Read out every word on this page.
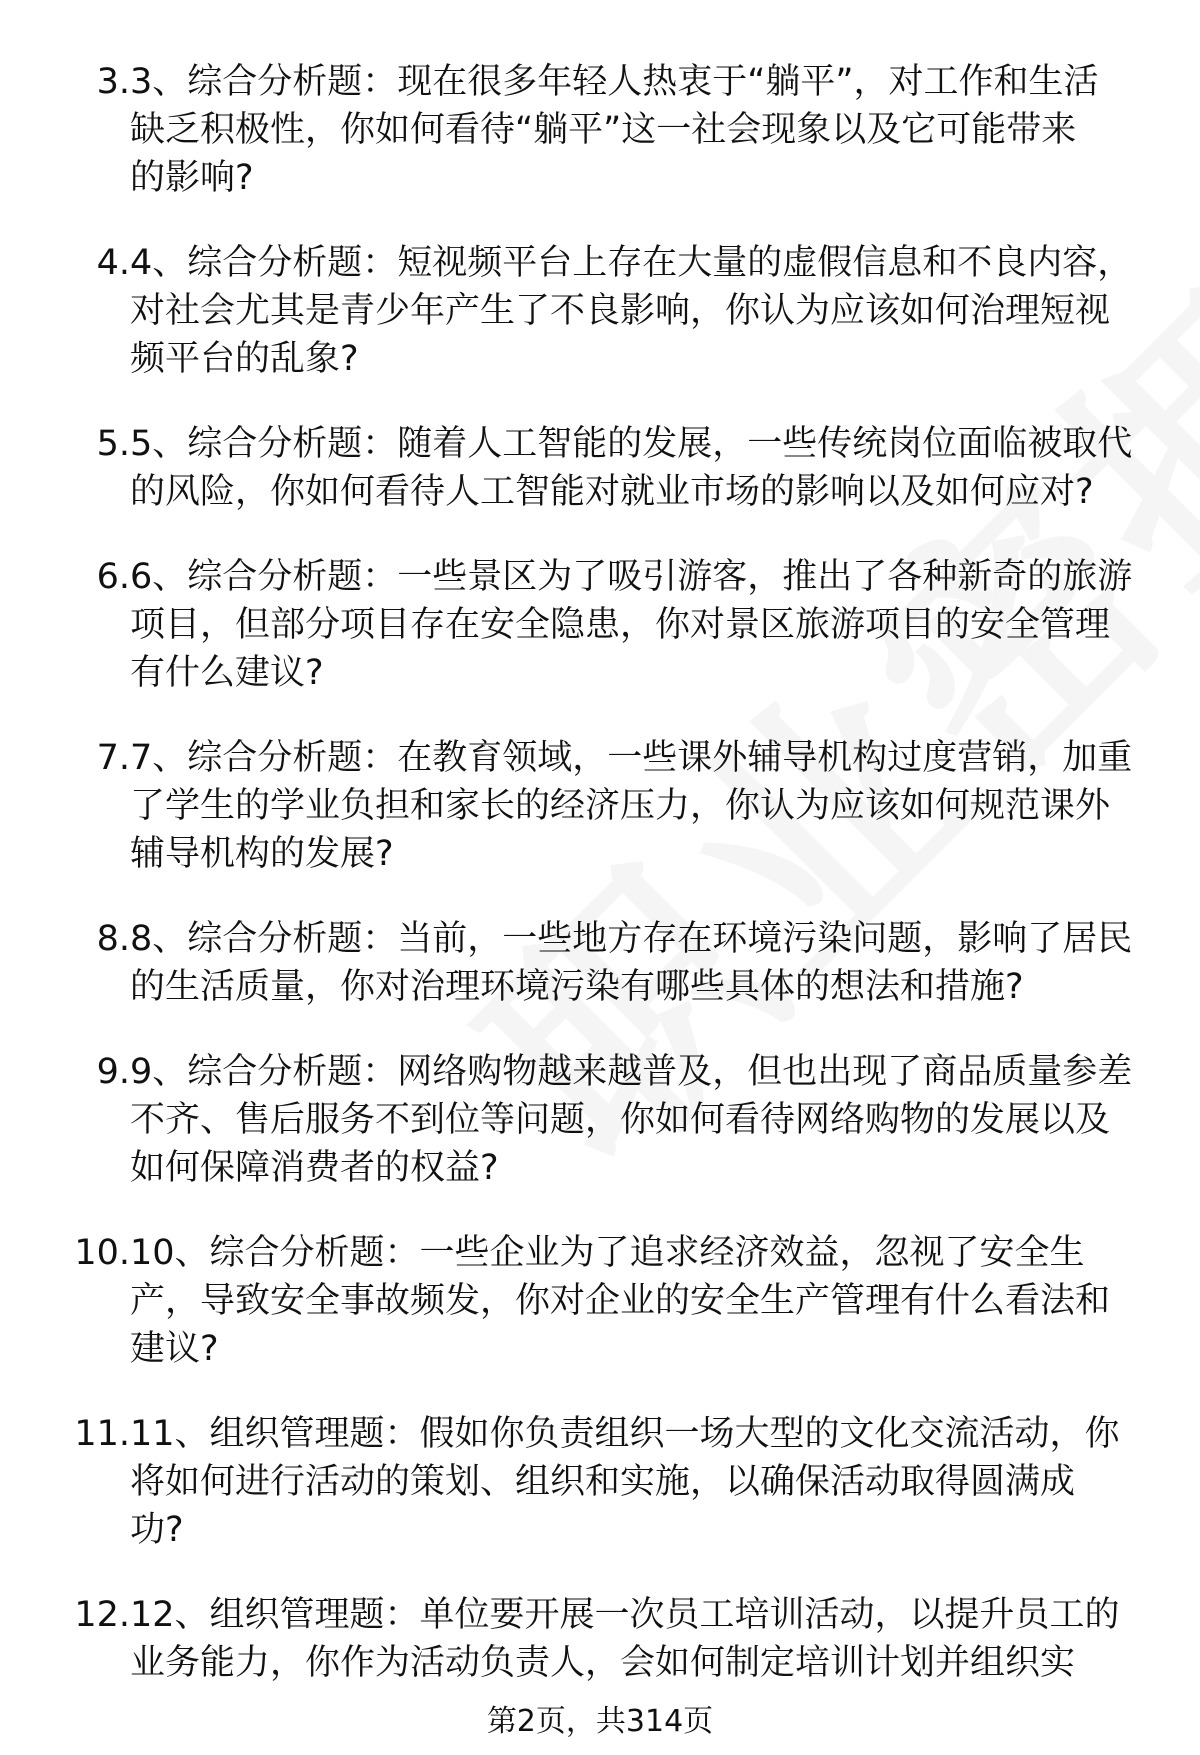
3. 3、综合分析题：现在很多年轻人热衷于“躺平”，对工作和生活
缺乏积极性，你如何看待“躺平”这一社会现象以及它可能带来
的影响?
4. 4、综合分析题：短视频平台上存在大量的虚假信息和不良内容，
对社会尤其是青少年产生了不良影响，你认为应该如何治理短视
频平台的乱象?
5. 5、综合分析题：随着人工智能的发展，一些传统岗位面临被取代
的风险，你如何看待人工智能对就业市场的影响以及如何应对?
6. 6、综合分析题：一些景区为了吸引游客，推出了各种新奇的旅游
项目，但部分项目存在安全隐患，你对景区旅游项目的安全管理
有什么建议?
7. 7、综合分析题：在教育领域，一些课外辅导机构过度营销，加重
了学生的学业负担和家长的经济压力，你认为应该如何规范课外
辅导机构的发展?
8. 8、综合分析题：当前，一些地方存在环境污染问题，影响了居民
的生活质量，你对治理环境污染有哪些具体的想法和措施?
9. 9、综合分析题：网络购物越来越普及，但也出现了商品质量参差
不齐、售后服务不到位等问题，你如何看待网络购物的发展以及
如何保障消费者的权益?
10. 10、综合分析题：一些企业为了追求经济效益，忽视了安全生
产，导致安全事故频发，你对企业的安全生产管理有什么看法和
建议?
11. 11、组织管理题：假如你负责组织一场大型的文化交流活动，你
将如何进行活动的策划、组织和实施，以确保活动取得圆满成
功?
12. 12、组织管理题：单位要开展一次员工培训活动，以提升员工的
业务能力，你作为活动负责人，会如何制定培训计划并组织实
第2页，共314页
